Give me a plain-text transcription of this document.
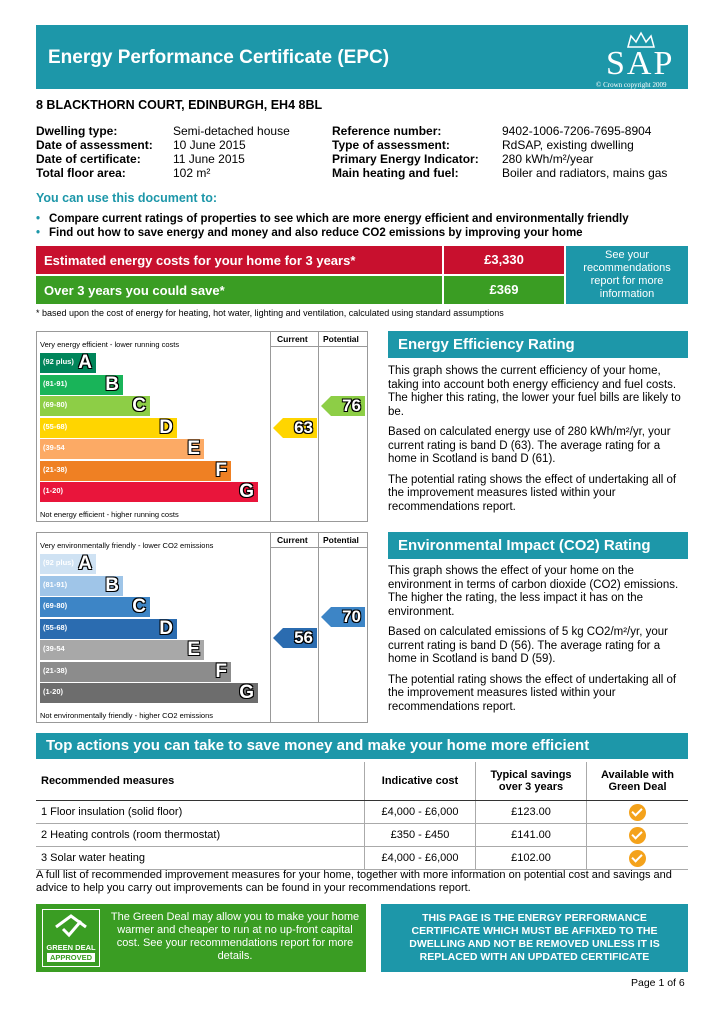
Energy Performance Certificate (EPC)	SAP
© Crown copyright 2009
8 BLACKTHORN COURT, EDINBURGH, EH4 8BL
Dwelling type:	Semi-detached house
Date of assessment:	10 June 2015
Date of certificate:	11 June 2015
Total floor area:	102 m²
Reference number:	9402-1006-7206-7695-8904
Type of assessment:	RdSAP, existing dwelling
Primary Energy Indicator:	280 kWh/m²/year
Main heating and fuel:	Boiler and radiators, mains gas
You can use this document to:
• Compare current ratings of properties to see which are more energy efficient and environmentally friendly
• Find out how to save energy and money and also reduce CO2 emissions by improving your home
Estimated energy costs for your home for 3 years*	£3,330
Over 3 years you could save*	£369
See your recommendations report for more information
* based upon the cost of energy for heating, hot water, lighting and ventilation, calculated using standard assumptions
Current Potential
Very energy efficient - lower running costs
Not energy efficient - higher running costs
(92 plus) A
(81-91) B
(69-80)	C
(55-68)	D
(39-54	E
(21-38)	F
(1-20)	G
63
76
Current Potential
Very environmentally friendly - lower CO2 emissions
Not environmentally friendly - higher CO2 emissions
(92 plus) A
(81-91) B
(69-80)	C
(55-68)	D
(39-54	E
(21-38)	F
(1-20)	G
56
70
Energy Efficiency Rating

This graph shows the current efficiency of your home, taking into account both energy efficiency and fuel costs. The higher this rating, the lower your fuel bills are likely to be.

Based on calculated energy use of 280 kWh/m²/yr, your current rating is band D (63). The average rating for a home in Scotland is band D (61).

The potential rating shows the effect of undertaking all of the improvement measures listed within your recommendations report.

Environmental Impact (CO2) Rating

This graph shows the effect of your home on the environment in terms of carbon dioxide (CO2) emissions. The higher the rating, the less impact it has on the environment.

Based on calculated emissions of 5 kg CO2/m²/yr, your current rating is band D (56). The average rating for a home in Scotland is band D (59).

The potential rating shows the effect of undertaking all of the improvement measures listed within your recommendations report.

Top actions you can take to save money and make your home more efficient
Recommended measures	Indicative cost	Typical savings over 3 years	Available with Green Deal
1 Floor insulation (solid floor)	£4,000 - £6,000	£123.00	
2 Heating controls (room thermostat)	£350 - £450	£141.00	
3 Solar water heating	£4,000 - £6,000	£102.00	
A full list of recommended improvement measures for your home, together with more information on potential cost and savings and advice to help you carry out improvements can be found in your recommendations report.
GREEN DEAL
APPROVED
The Green Deal may allow you to make your home warmer and cheaper to run at no up-front capital cost. See your recommendations report for more details.
THIS PAGE IS THE ENERGY PERFORMANCE CERTIFICATE WHICH MUST BE AFFIXED TO THE DWELLING AND NOT BE REMOVED UNLESS IT IS REPLACED WITH AN UPDATED CERTIFICATE
Page 1 of 6
